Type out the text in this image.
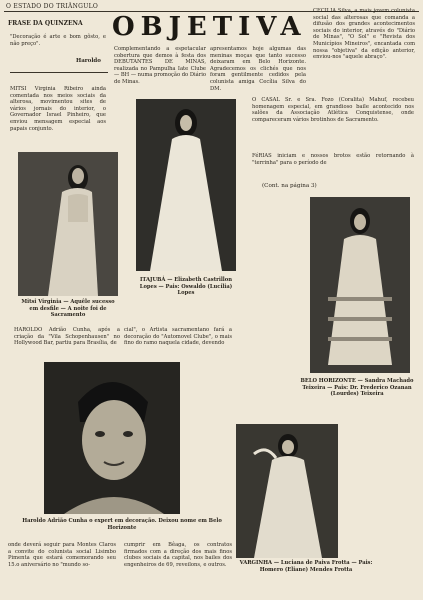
O ESTADO DO TRIÂNGULO
OBJETIVA
FRASE DA QUINZENA

"Decoração é arte e bom gôsto, e não preço".

Haroldo

Complementando a espetacular cobertura que demos à festa dos DEBUTANTES DE MINAS, realizada no Pampulha Iate Clube — BH — numa promoção do Diário de Minas.

apresentamos hoje algumas das meninas moças que tanto sucesso deixaram em Belo Horizonte. Agradecemos os clichés que nos foram gentilmente cedidos pela colunista amiga Cecília Silva do DM.

CECILIA Silva, a mais jovem colunista social das alterosas que comanda a difusão dos grandes acontecimentos sociais do interior, através do "Diário de Minas", "O Sol" e "Revista dos Municípios Mineiros", encantada com nossa "objetiva" da edição anterior, enviou-nos "aquele abraço".

MITSI Virginia Ribeiro ainda comentada nos meios sociais da alterosa, movimentou sites de vários jornais do interior, o Governador Israel Pinheiro, que enviou mensagem especial aos papais conjunto.

O CASAL Sr. e Sra. Fozo (Coralita) Mahuf, recebeu homenagem especial, em grandioso baile acontecido nos salões da Associação Atlética Conquistense, onde compareceram vários brotinhos de Sacramento.

FéRIAS iniciam e nossos brotos estão retornando à "terrinha" para o período de

(Cont. na página 3)

Mitsi Virginia — Aquêle sucesso em desfile — A noite foi de Sacramento

ITAJUBÁ — Elizabeth Castrillon Lopes — Pais: Oswaldo (Lucilia) Lopes

BELO HORIZONTE — Sandra Machado Teixeira — Pais: Dr. Frederico Ozanan (Lourdes) Teixeira

HAROLDO Adrião Cunha, após a criação da "Vila Schopenhausen" no Hollywood Bar, partiu para Brasília, de

cial", o Artista sacramentano fará a decoração do "Automovel Clube", o mais fino do ramo naquela cidade, devendo

Haroldo Adrião Cunha o expert em decoração. Deixou nome em Belo Horizonte

VARGINHA — Luciana de Paiva Frotta — Pais: Homero (Eliane) Mendes Frotta

onde deverá seguir para Montes Claros a convite do colunista social Lisimbo Pimenta que estará comemorando seu 15.o aniversário no "mundo so-

cumprir em Bêaga, os contratos firmados com a direção dos mais finos clubes sociais da capital, nos bailes dos engenheiros de 69, reveilons, e outros.
